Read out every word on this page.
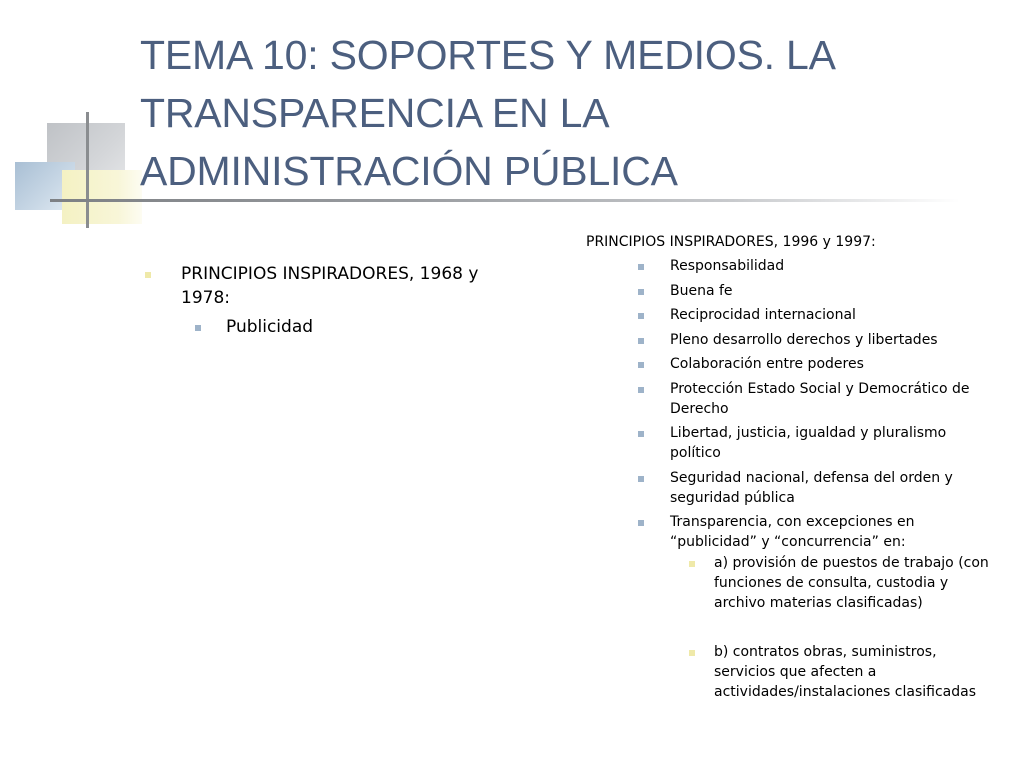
TEMA 10: SOPORTES Y MEDIOS. LA
TRANSPARENCIA EN LA
ADMINISTRACIÓN PÚBLICA
PRINCIPIOS INSPIRADORES, 1968 y 1978:
Publicidad

PRINCIPIOS INSPIRADORES, 1996 y 1997:

Responsabilidad
Buena fe
Reciprocidad internacional
Pleno desarrollo derechos y libertades
Colaboración entre poderes
Protección Estado Social y Democrático de Derecho
Libertad, justicia, igualdad y pluralismo político
Seguridad nacional, defensa del orden y seguridad pública
Transparencia, con excepciones en “publicidad” y “concurrencia” en:
a) provisión de puestos de trabajo (con funciones de consulta, custodia y archivo materias clasificadas)
b) contratos obras, suministros, servicios que afecten a actividades/instalaciones clasificadas
